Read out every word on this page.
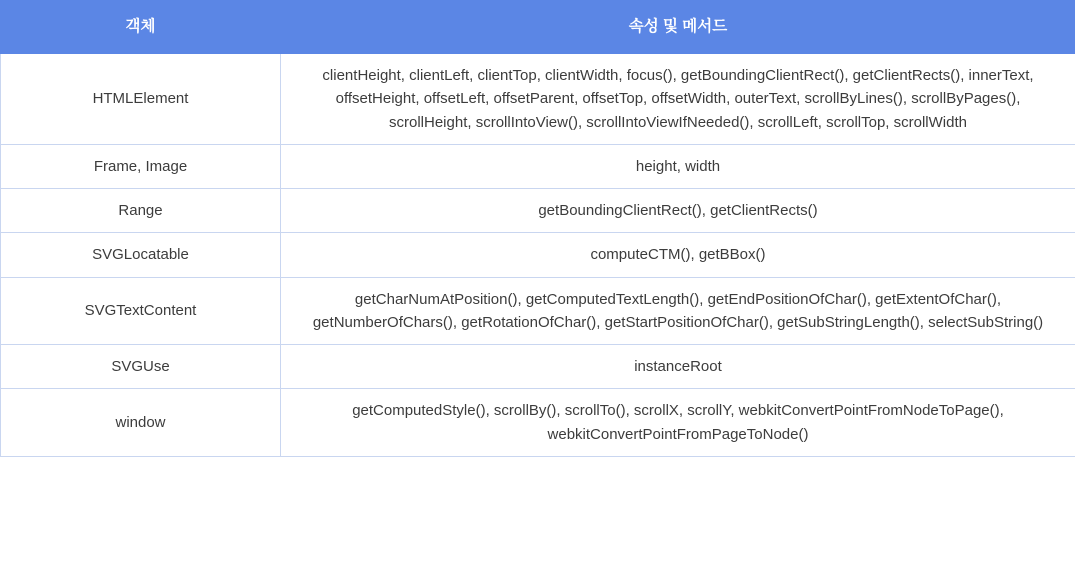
객체	속성 및 메서드
HTMLElement	clientHeight, clientLeft, clientTop, clientWidth, focus(), getBoundingClientRect(), getClientRects(), innerText, offsetHeight, offsetLeft, offsetParent, offsetTop, offsetWidth, outerText, scrollByLines(), scrollByPages(), scrollHeight, scrollIntoView(), scrollIntoViewIfNeeded(), scrollLeft, scrollTop, scrollWidth
Frame, Image	height, width
Range	getBoundingClientRect(), getClientRects()
SVGLocatable	computeCTM(), getBBox()
SVGTextContent	getCharNumAtPosition(), getComputedTextLength(), getEndPositionOfChar(), getExtentOfChar(), getNumberOfChars(), getRotationOfChar(), getStartPositionOfChar(), getSubStringLength(), selectSubString()
SVGUse	instanceRoot
window	getComputedStyle(), scrollBy(), scrollTo(), scrollX, scrollY, webkitConvertPointFromNodeToPage(), webkitConvertPointFromPageToNode()
